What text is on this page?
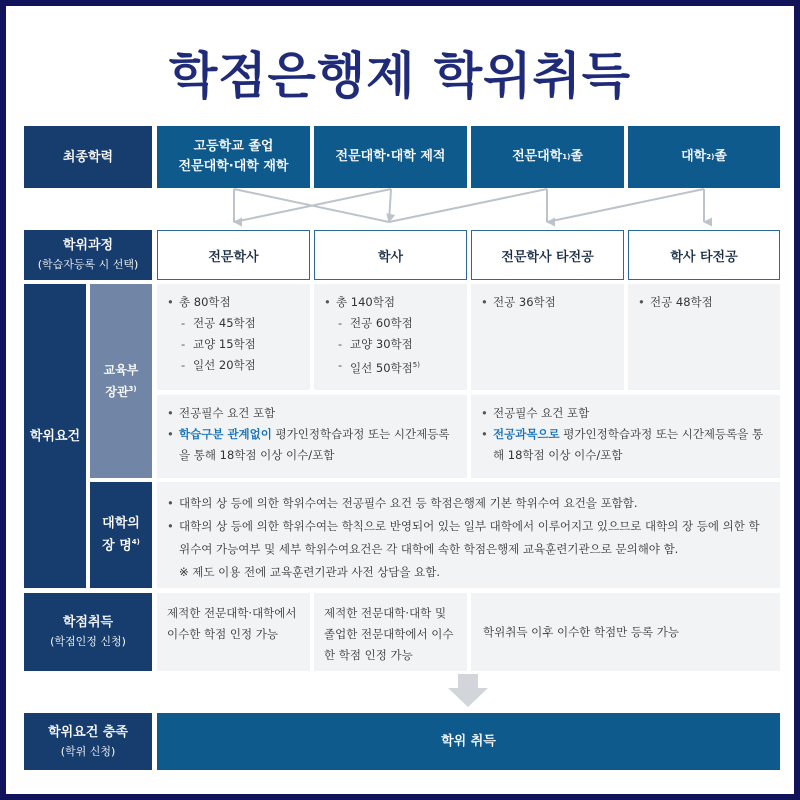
학점은행제 학위취득
최종학력
고등학교 졸업
전문대학·대학 재학
전문대학·대학 제적	전문대학 1) 졸	대학 2) 졸
학위과정
(학습자등록 시 선택)	전문학사	학사	전문학사 타전공	학사 타전공
학위요건
교육부
장관$^{3)}$
• 총 80학점
- 전공 45학점
- 교양 15학점
- 일선 20학점
• 총 140학점
- 전공 60학점
- 교양 30학점
- 일선 50학점$^{5)}$
• 전공 36학점
•	전공 48학점
• 전공필수 요건 포함
• 학습구분 관계없이 평가인정학습과정 또는 시간제등록을 통해 18학점 이상 이수/포함
• 전공필수 요건 포함
• 전공과목으로 평가인정학습과정 또는 시간제등록을 통해 18학점 이상 이수/포함
대학의
장 명$^{4)}$
• 대학의 상 등에 의한 학위수여는 전공필수 요건 등 학점은행제 기본 학위수여 요건을 포함함.
• 대학의 상 등에 의한 학위수여는 학칙으로 반영되어 있는 일부 대학에서 이루어지고 있으므로 대학의 장 등에 의한 학위수여 가능여부 및 세부 학위수여요건은 각 대학에 속한 학점은행제 교육훈련기관으로 문의해야 함.
※ 제도 이용 전에 교육훈련기관과 사전 상담을 요함.
학점취득
(학점인정 신청)
제적한 전문대학·대학에서 이수한 학점 인정 가능
제적한 전문대학·대학 및 졸업한 전문대학에서 이수한 학점 인정 가능
학위취득 이후 이수한 학점만 등록 가능
학위요건 충족
(학위 신청)
학위 취득
